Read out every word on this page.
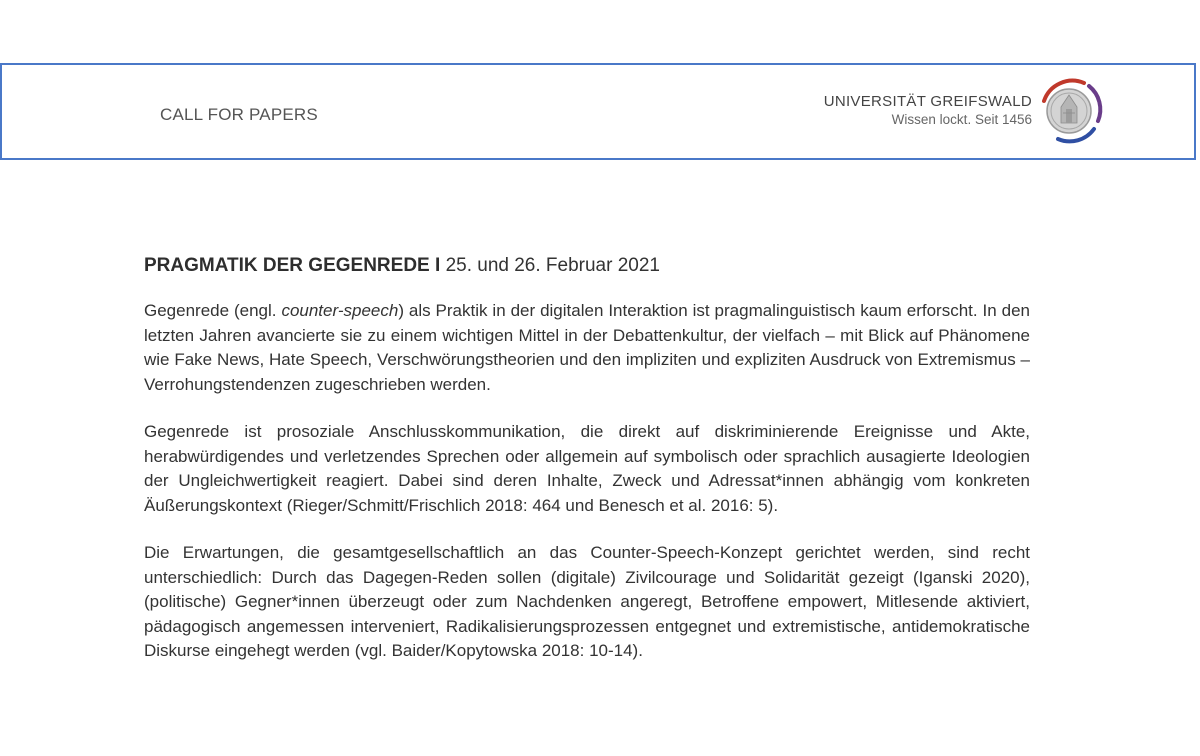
CALL FOR PAPERS
UNIVERSITÄT GREIFSWALD
Wissen lockt. Seit 1456
PRAGMATIK DER GEGENREDE I 25. und 26. Februar 2021

Gegenrede (engl. counter-speech) als Praktik in der digitalen Interaktion ist pragmalinguistisch kaum erforscht. In den letzten Jahren avancierte sie zu einem wichtigen Mittel in der Debattenkultur, der vielfach – mit Blick auf Phänomene wie Fake News, Hate Speech, Verschwörungstheorien und den impliziten und expliziten Ausdruck von Extremismus – Verrohungstendenzen zugeschrieben werden.

Gegenrede ist prosoziale Anschlusskommunikation, die direkt auf diskriminierende Ereignisse und Akte, herabwürdigendes und verletzendes Sprechen oder allgemein auf symbolisch oder sprachlich ausagierte Ideologien der Ungleichwertigkeit reagiert. Dabei sind deren Inhalte, Zweck und Adressat*innen abhängig vom konkreten Äußerungskontext (Rieger/Schmitt/Frischlich 2018: 464 und Benesch et al. 2016: 5).

Die Erwartungen, die gesamtgesellschaftlich an das Counter-Speech-Konzept gerichtet werden, sind recht unterschiedlich: Durch das Dagegen-Reden sollen (digitale) Zivilcourage und Solidarität gezeigt (Iganski 2020), (politische) Gegner*innen überzeugt oder zum Nachdenken angeregt, Betroffene empowert, Mitlesende aktiviert, pädagogisch angemessen interveniert, Radikalisierungsprozessen entgegnet und extremistische, antidemokratische Diskurse eingehegt werden (vgl. Baider/Kopytowska 2018: 10-14).
